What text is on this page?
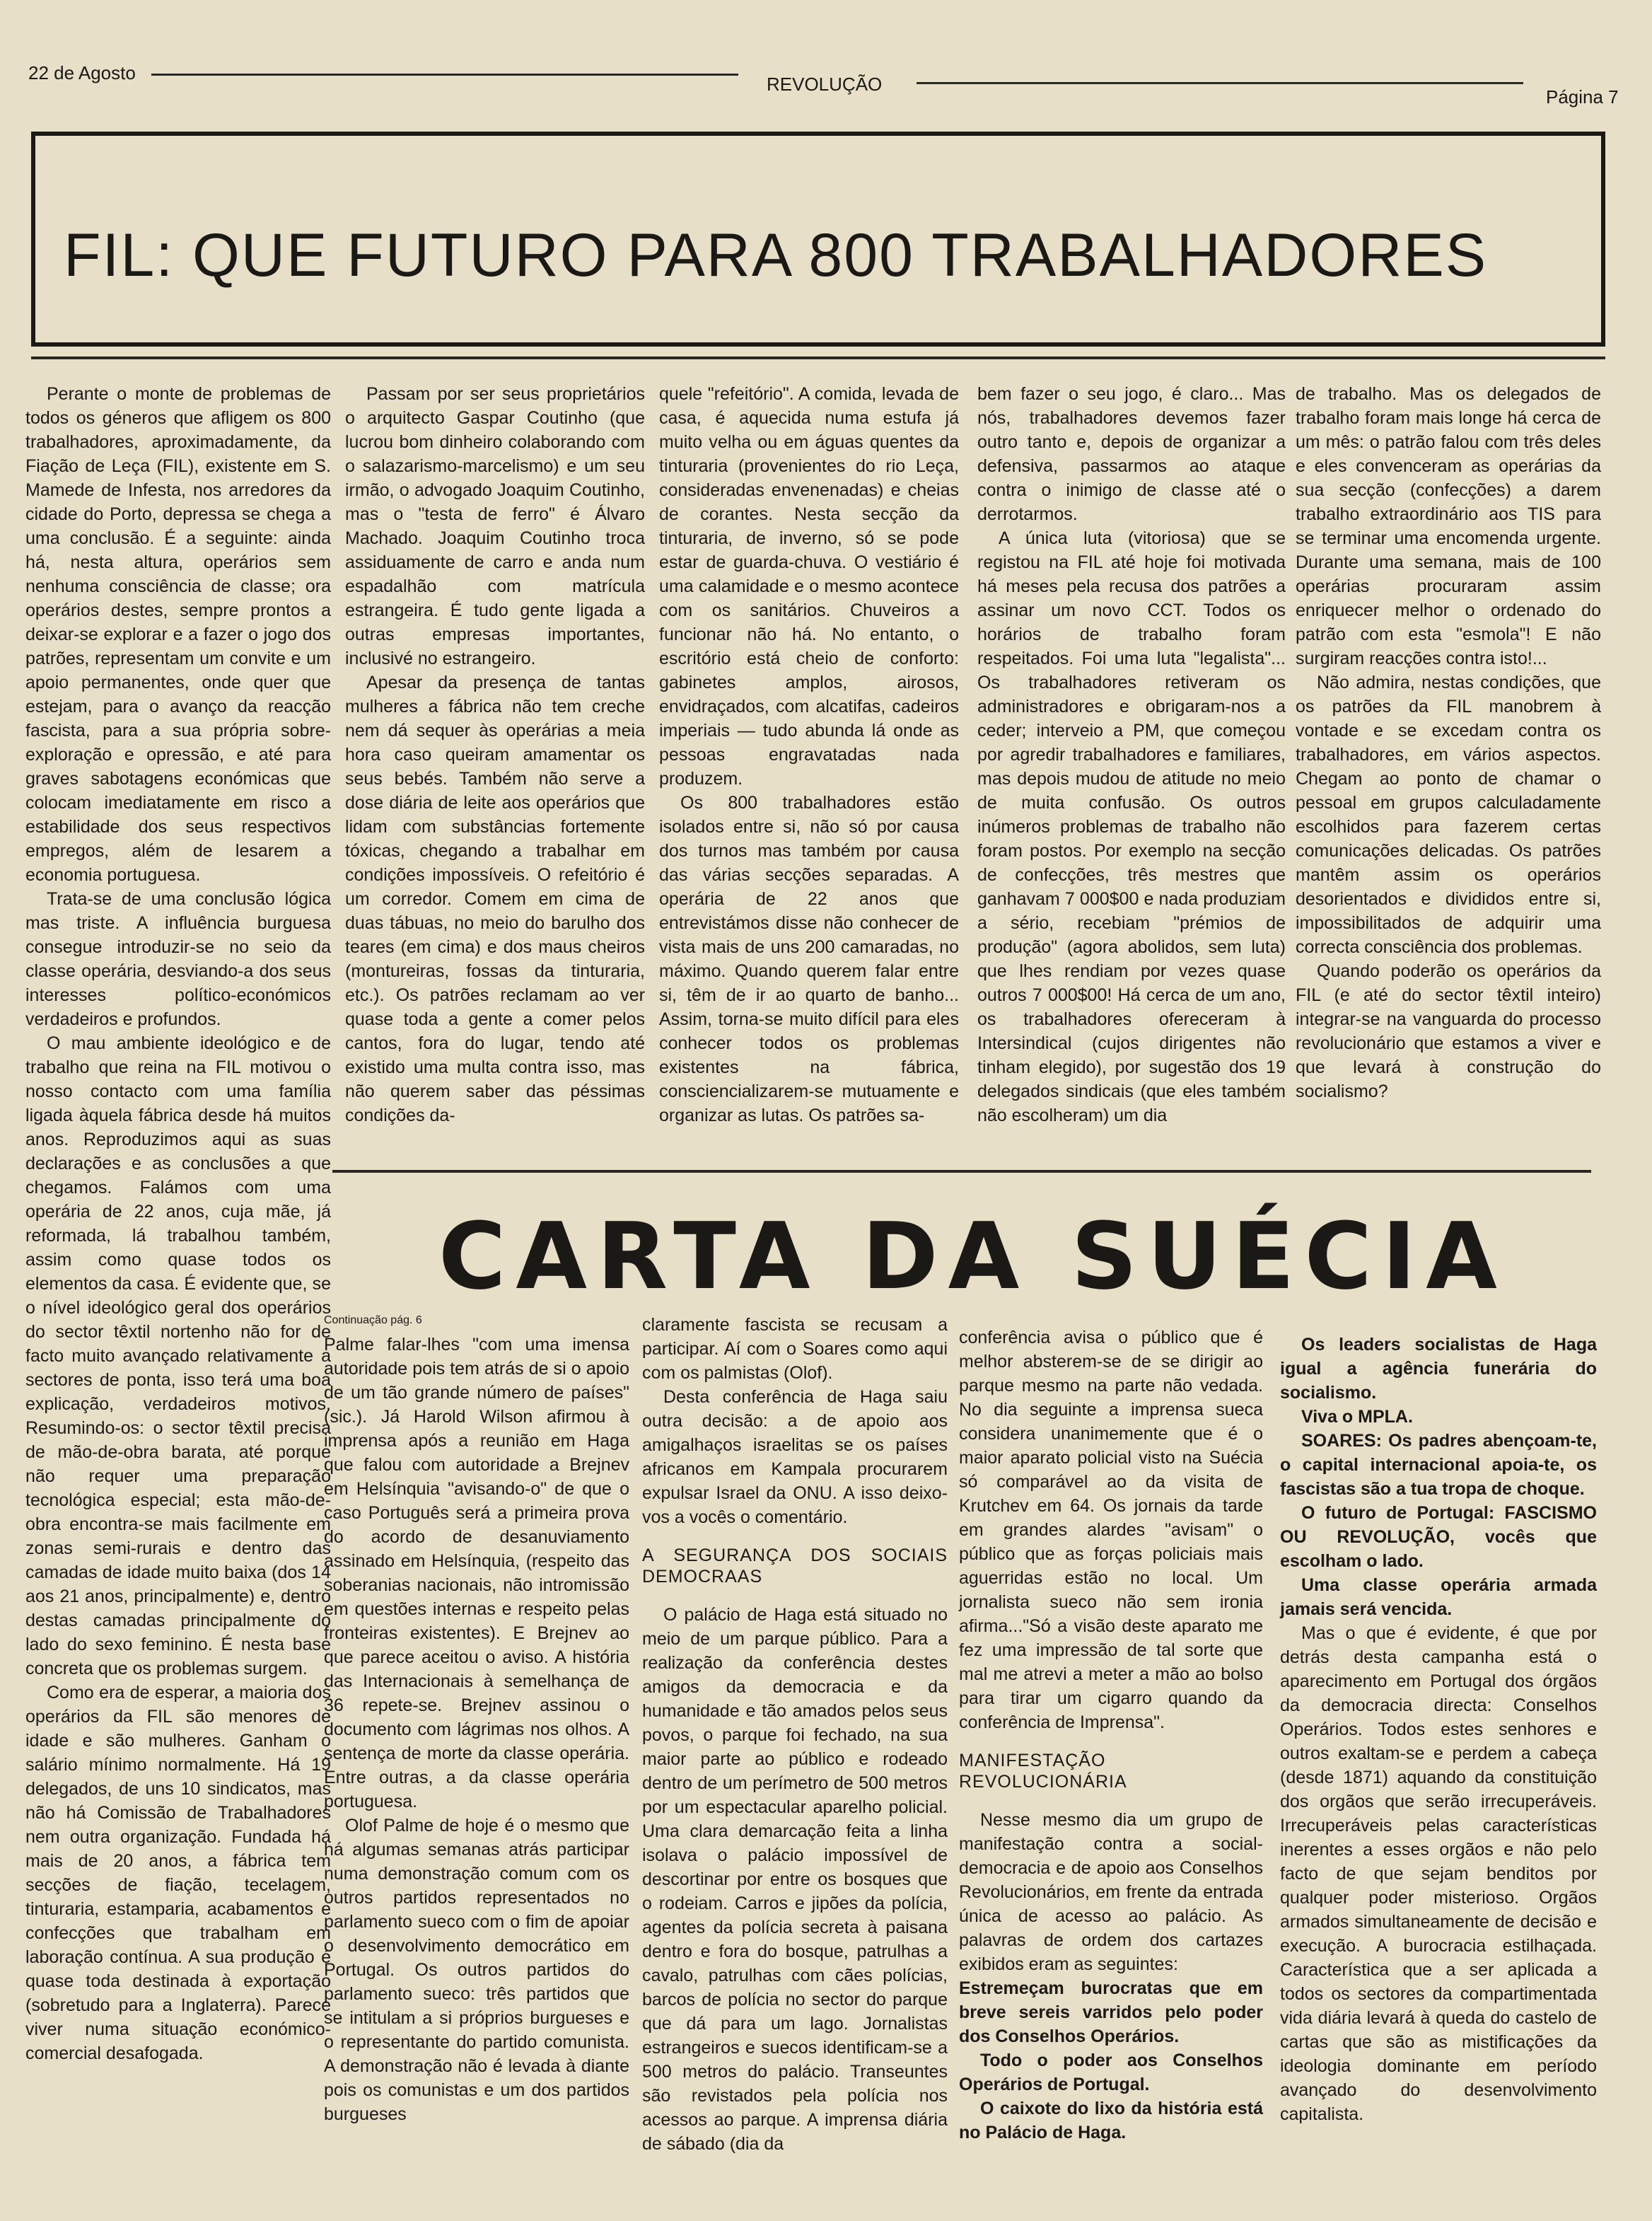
22 de Agosto
REVOLUÇÃO
Página 7
FIL: QUE FUTURO PARA 800 TRABALHADORES

Perante o monte de problemas de todos os géneros que afligem os 800 trabalhadores, aproximadamente, da Fiação de Leça (FIL), existente em S. Mamede de Infesta, nos arredores da cidade do Porto, depressa se chega a uma conclusão. É a seguinte: ainda há, nesta altura, operários sem nenhuma consciência de classe; ora operários destes, sempre prontos a deixar-se explorar e a fazer o jogo dos patrões, representam um convite e um apoio permanentes, onde quer que estejam, para o avanço da reacção fascista, para a sua própria sobre-exploração e opressão, e até para graves sabotagens económicas que colocam imediatamente em risco a estabilidade dos seus respectivos empregos, além de lesarem a economia portuguesa.

Trata-se de uma conclusão lógica mas triste. A influência burguesa consegue introduzir-se no seio da classe operária, desviando-a dos seus interesses político-económicos verdadeiros e profundos.

O mau ambiente ideológico e de trabalho que reina na FIL motivou o nosso contacto com uma família ligada àquela fábrica desde há muitos anos. Reproduzimos aqui as suas declarações e as conclusões a que chegamos. Falámos com uma operária de 22 anos, cuja mãe, já reformada, lá trabalhou também, assim como quase todos os elementos da casa. É evidente que, se o nível ideológico geral dos operários do sector têxtil nortenho não for de facto muito avançado relativamente a sectores de ponta, isso terá uma boa explicação, verdadeiros motivos. Resumindo-os: o sector têxtil precisa de mão-de-obra barata, até porque não requer uma preparação tecnológica especial; esta mão-de-obra encontra-se mais facilmente em zonas semi-rurais e dentro das camadas de idade muito baixa (dos 14 aos 21 anos, principalmente) e, dentro destas camadas principalmente do lado do sexo feminino. É nesta base concreta que os problemas surgem.

Como era de esperar, a maioria dos operários da FIL são menores de idade e são mulheres. Ganham o salário mínimo normalmente. Há 19 delegados, de uns 10 sindicatos, mas não há Comissão de Trabalhadores nem outra organização. Fundada há mais de 20 anos, a fábrica tem secções de fiação, tecelagem, tinturaria, estamparia, acabamentos e confecções que trabalham em laboração contínua. A sua produção é quase toda destinada à exportação (sobretudo para a Inglaterra). Parece viver numa situação económico-comercial desafogada.

Passam por ser seus proprietários o arquitecto Gaspar Coutinho (que lucrou bom dinheiro colaborando com o salazarismo-marcelismo) e um seu irmão, o advogado Joaquim Coutinho, mas o "testa de ferro" é Álvaro Machado. Joaquim Coutinho troca assiduamente de carro e anda num espadalhão com matrícula estrangeira. É tudo gente ligada a outras empresas importantes, inclusivé no estrangeiro.

Apesar da presença de tantas mulheres a fábrica não tem creche nem dá sequer às operárias a meia hora caso queiram amamentar os seus bebés. Também não serve a dose diária de leite aos operários que lidam com substâncias fortemente tóxicas, chegando a trabalhar em condições impossíveis. O refeitório é um corredor. Comem em cima de duas tábuas, no meio do barulho dos teares (em cima) e dos maus cheiros (montureiras, fossas da tinturaria, etc.). Os patrões reclamam ao ver quase toda a gente a comer pelos cantos, fora do lugar, tendo até existido uma multa contra isso, mas não querem saber das péssimas condições da-

quele "refeitório". A comida, levada de casa, é aquecida numa estufa já muito velha ou em águas quentes da tinturaria (provenientes do rio Leça, consideradas envenenadas) e cheias de corantes. Nesta secção da tinturaria, de inverno, só se pode estar de guarda-chuva. O vestiário é uma calamidade e o mesmo acontece com os sanitários. Chuveiros a funcionar não há. No entanto, o escritório está cheio de conforto: gabinetes amplos, airosos, envidraçados, com alcatifas, cadeiros imperiais — tudo abunda lá onde as pessoas engravatadas nada produzem.

Os 800 trabalhadores estão isolados entre si, não só por causa dos turnos mas também por causa das várias secções separadas. A operária de 22 anos que entrevistámos disse não conhecer de vista mais de uns 200 camaradas, no máximo. Quando querem falar entre si, têm de ir ao quarto de banho... Assim, torna-se muito difícil para eles conhecer todos os problemas existentes na fábrica, consciencializarem-se mutuamente e organizar as lutas. Os patrões sa-

bem fazer o seu jogo, é claro... Mas nós, trabalhadores devemos fazer outro tanto e, depois de organizar a defensiva, passarmos ao ataque contra o inimigo de classe até o derrotarmos.

A única luta (vitoriosa) que se registou na FIL até hoje foi motivada há meses pela recusa dos patrões a assinar um novo CCT. Todos os horários de trabalho foram respeitados. Foi uma luta "legalista"... Os trabalhadores retiveram os administradores e obrigaram-nos a ceder; interveio a PM, que começou por agredir trabalhadores e familiares, mas depois mudou de atitude no meio de muita confusão. Os outros inúmeros problemas de trabalho não foram postos. Por exemplo na secção de confecções, três mestres que ganhavam 7 000$00 e nada produziam a sério, recebiam "prémios de produção" (agora abolidos, sem luta) que lhes rendiam por vezes quase outros 7 000$00! Há cerca de um ano, os trabalhadores ofereceram à Intersindical (cujos dirigentes não tinham elegido), por sugestão dos 19 delegados sindicais (que eles também não escolheram) um dia

de trabalho. Mas os delegados de trabalho foram mais longe há cerca de um mês: o patrão falou com três deles e eles convenceram as operárias da sua secção (confecções) a darem trabalho extraordinário aos TIS para se terminar uma encomenda urgente. Durante uma semana, mais de 100 operárias procuraram assim enriquecer melhor o ordenado do patrão com esta "esmola"! E não surgiram reacções contra isto!...

Não admira, nestas condições, que os patrões da FIL manobrem à vontade e se excedam contra os trabalhadores, em vários aspectos. Chegam ao ponto de chamar o pessoal em grupos calculadamente escolhidos para fazerem certas comunicações delicadas. Os patrões mantêm assim os operários desorientados e divididos entre si, impossibilitados de adquirir uma correcta consciência dos problemas.

Quando poderão os operários da FIL (e até do sector têxtil inteiro) integrar-se na vanguarda do processo revolucionário que estamos a viver e que levará à construção do socialismo?

CARTA DA SUÉCIA

Continuação pág. 6

Palme falar-lhes "com uma imensa autoridade pois tem atrás de si o apoio de um tão grande número de países" (sic.). Já Harold Wilson afirmou à imprensa após a reunião em Haga que falou com autoridade a Brejnev em Helsínquia "avisando-o" de que o caso Português será a primeira prova do acordo de desanuviamento assinado em Helsínquia, (respeito das soberanias nacionais, não intromissão em questões internas e respeito pelas fronteiras existentes). E Brejnev ao que parece aceitou o aviso. A história das Internacionais à semelhança de 36 repete-se. Brejnev assinou o documento com lágrimas nos olhos. A sentença de morte da classe operária. Entre outras, a da classe operária portuguesa.

Olof Palme de hoje é o mesmo que há algumas semanas atrás participar numa demonstração comum com os outros partidos representados no parlamento sueco com o fim de apoiar o desenvolvimento democrático em Portugal. Os outros partidos do parlamento sueco: três partidos que se intitulam a si próprios burgueses e o representante do partido comunista. A demonstração não é levada à diante pois os comunistas e um dos partidos burgueses

claramente fascista se recusam a participar. Aí com o Soares como aqui com os palmistas (Olof).

Desta conferência de Haga saiu outra decisão: a de apoio aos amigalhaços israelitas se os países africanos em Kampala procurarem expulsar Israel da ONU. A isso deixo-vos a vocês o comentário.

A SEGURANÇA DOS SOCIAIS DEMOCRAAS

O palácio de Haga está situado no meio de um parque público. Para a realização da conferência destes amigos da democracia e da humanidade e tão amados pelos seus povos, o parque foi fechado, na sua maior parte ao público e rodeado dentro de um perímetro de 500 metros por um espectacular aparelho policial. Uma clara demarcação feita a linha isolava o palácio impossível de descortinar por entre os bosques que o rodeiam. Carros e jipões da polícia, agentes da polícia secreta à paisana dentro e fora do bosque, patrulhas a cavalo, patrulhas com cães polícias, barcos de polícia no sector do parque que dá para um lago. Jornalistas estrangeiros e suecos identificam-se a 500 metros do palácio. Transeuntes são revistados pela polícia nos acessos ao parque. A imprensa diária de sábado (dia da

conferência avisa o público que é melhor absterem-se de se dirigir ao parque mesmo na parte não vedada. No dia seguinte a imprensa sueca considera unanimemente que é o maior aparato policial visto na Suécia só comparável ao da visita de Krutchev em 64. Os jornais da tarde em grandes alardes "avisam" o público que as forças policiais mais aguerridas estão no local. Um jornalista sueco não sem ironia afirma..."Só a visão deste aparato me fez uma impressão de tal sorte que mal me atrevi a meter a mão ao bolso para tirar um cigarro quando da conferência de Imprensa".

MANIFESTAÇÃO REVOLUCIONÁRIA

Nesse mesmo dia um grupo de manifestação contra a social-democracia e de apoio aos Conselhos Revolucionários, em frente da entrada única de acesso ao palácio. As palavras de ordem dos cartazes exibidos eram as seguintes:

Estremeçam burocratas que em breve sereis varridos pelo poder dos Conselhos Operários.

Todo o poder aos Conselhos Operários de Portugal.

O caixote do lixo da história está no Palácio de Haga.

Os leaders socialistas de Haga igual a agência funerária do socialismo.

Viva o MPLA.

SOARES: Os padres abençoam-te, o capital internacional apoia-te, os fascistas são a tua tropa de choque.

O futuro de Portugal: FASCISMO OU REVOLUÇÃO, vocês que escolham o lado.

Uma classe operária armada jamais será vencida.

Mas o que é evidente, é que por detrás desta campanha está o aparecimento em Portugal dos órgãos da democracia directa: Conselhos Operários. Todos estes senhores e outros exaltam-se e perdem a cabeça (desde 1871) aquando da constituição dos orgãos que serão irrecuperáveis. Irrecuperáveis pelas características inerentes a esses orgãos e não pelo facto de que sejam benditos por qualquer poder misterioso. Orgãos armados simultaneamente de decisão e execução. A burocracia estilhaçada. Característica que a ser aplicada a todos os sectores da compartimentada vida diária levará à queda do castelo de cartas que são as mistificações da ideologia dominante em período avançado do desenvolvimento capitalista.
